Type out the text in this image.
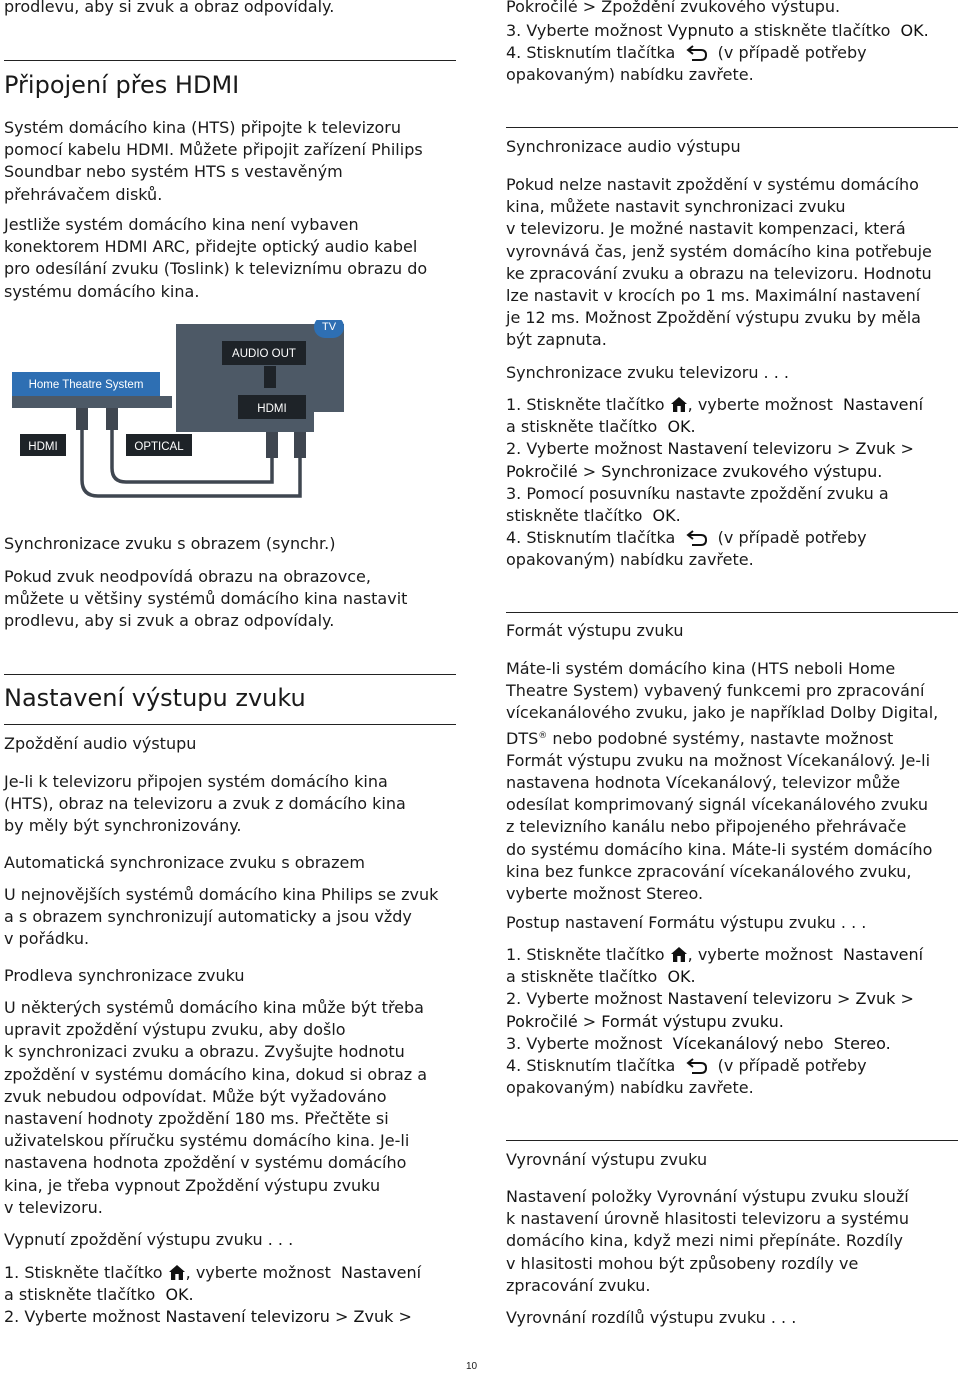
prodlevu, aby si zvuk a obraz odpovídaly.

Připojení přes HDMI
Systém domácího kina (HTS) připojte k televizoru
pomocí kabelu HDMI. Můžete připojit zařízení Philips
Soundbar nebo systém HTS s vestavěným
přehrávačem disků.
Jestliže systém domácího kina není vybaven
konektorem HDMI ARC, přidejte optický audio kabel
pro odesílání zvuku (Toslink) k televiznímu obrazu do
systému domácího kina.
TV
AUDIO OUT
HDMI
Home Theatre System
HDMI	OPTICAL
Synchronizace zvuku s obrazem (synchr.)
Pokud zvuk neodpovídá obrazu na obrazovce,
můžete u většiny systémů domácího kina nastavit
prodlevu, aby si zvuk a obraz odpovídaly.
Nastavení výstupu zvuku
Zpoždění audio výstupu
Je-li k televizoru připojen systém domácího kina
(HTS), obraz na televizoru a zvuk z domácího kina
by měly být synchronizovány.
Automatická synchronizace zvuku s obrazem
U nejnovějších systémů domácího kina Philips se zvuk
a s obrazem synchronizují automaticky a jsou vždy
v pořádku.
Prodleva synchronizace zvuku
U některých systémů domácího kina může být třeba
upravit zpoždění výstupu zvuku, aby došlo
k synchronizaci zvuku a obrazu. Zvyšujte hodnotu
zpoždění v systému domácího kina, dokud si obraz a
zvuk nebudou odpovídat. Může být vyžadováno
nastavení hodnoty zpoždění 180 ms. Přečtěte si
uživatelskou příručku systému domácího kina. Je-li
nastavena hodnota zpoždění v systému domácího
kina, je třeba vypnout Zpoždění výstupu zvuku
v televizoru.

Vypnutí zpoždění výstupu zvuku . . .

1. Stiskněte tlačítko , vyberte možnost Nastavení
a stiskněte tlačítko OK.
2. Vyberte možnost Nastavení televizoru > Zvuk >

Pokročilé > Zpoždění zvukového výstupu.

3. Vyberte možnost Vypnuto a stiskněte tlačítko OK.
4. Stisknutím tlačítka	(v případě potřeby
opakovaným) nabídku zavřete.
Synchronizace audio výstupu
Pokud nelze nastavit zpoždění v systému domácího
kina, můžete nastavit synchronizaci zvuku
v televizoru. Je možné nastavit kompenzaci, která
vyrovnává čas, jenž systém domácího kina potřebuje
ke zpracování zvuku a obrazu na televizoru. Hodnotu
lze nastavit v krocích po 1 ms. Maximální nastavení
je 12 ms. Možnost Zpoždění výstupu zvuku by měla
být zapnuta.

Synchronizace zvuku televizoru . . .

1. Stiskněte tlačítko , vyberte možnost Nastavení
a stiskněte tlačítko OK.
2. Vyberte možnost Nastavení televizoru > Zvuk >
Pokročilé > Synchronizace zvukového výstupu.
3. Pomocí posuvníku nastavte zpoždění zvuku a
stiskněte tlačítko OK.
4. Stisknutím tlačítka	(v případě potřeby
opakovaným) nabídku zavřete.
Formát výstupu zvuku
Máte-li systém domácího kina (HTS neboli Home
Theatre System) vybavený funkcemi pro zpracování
vícekanálového zvuku, jako je například Dolby Digital,
DTS® nebo podobné systémy, nastavte možnost
Formát výstupu zvuku na možnost Vícekanálový. Je-li
nastavena hodnota Vícekanálový, televizor může
odesílat komprimovaný signál vícekanálového zvuku
z televizního kanálu nebo připojeného přehrávače
do systému domácího kina. Máte-li systém domácího
kina bez funkce zpracování vícekanálového zvuku,
vyberte možnost Stereo.

Postup nastavení Formátu výstupu zvuku . . .

1. Stiskněte tlačítko , vyberte možnost Nastavení
a stiskněte tlačítko OK.
2. Vyberte možnost Nastavení televizoru > Zvuk >
Pokročilé > Formát výstupu zvuku.
3. Vyberte možnost Vícekanálový nebo Stereo.
4. Stisknutím tlačítka	(v případě potřeby
opakovaným) nabídku zavřete.
Vyrovnání výstupu zvuku
Nastavení položky Vyrovnání výstupu zvuku slouží
k nastavení úrovně hlasitosti televizoru a systému
domácího kina, když mezi nimi přepínáte. Rozdíly
v hlasitosti mohou být způsobeny rozdíly ve
zpracování zvuku.

Vyrovnání rozdílů výstupu zvuku . . .

10
